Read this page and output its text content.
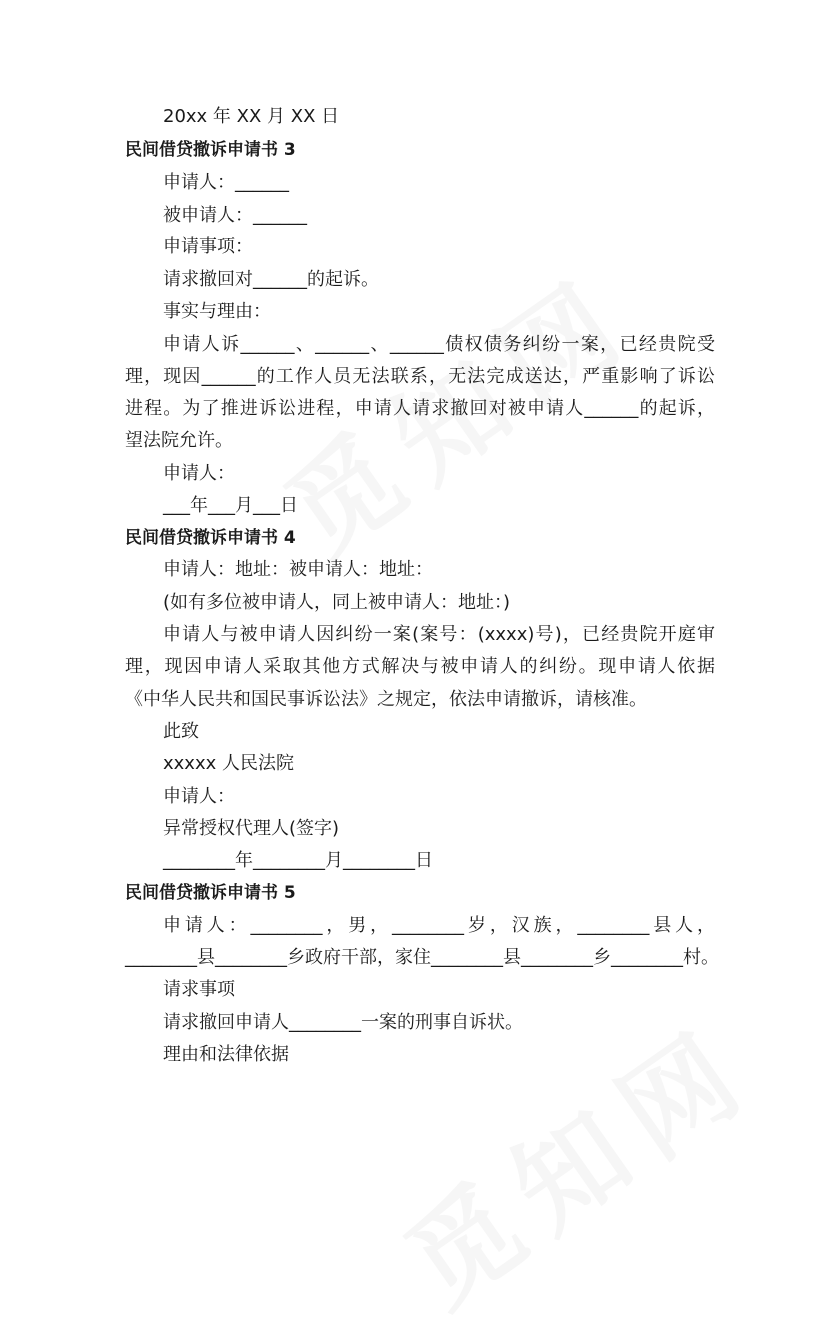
20xx 年 XX 月 XX 日
民间借贷撤诉申请书 3
申请人：______
被申请人：______
申请事项：
请求撤回对______的起诉。
事实与理由：
申请人诉______、______、______债权债务纠纷一案，已经贵院受
理，现因______的工作人员无法联系，无法完成送达，严重影响了诉讼
进程。为了推进诉讼进程，申请人请求撤回对被申请人______的起诉，
望法院允许。
申请人：
___年___月___日
民间借贷撤诉申请书 4
申请人：地址：被申请人：地址：
(如有多位被申请人，同上被申请人：地址：)
申请人与被申请人因纠纷一案(案号：(xxxx)号)，已经贵院开庭审
理，现因申请人采取其他方式解决与被申请人的纠纷。现申请人依据
《中华人民共和国民事诉讼法》之规定，依法申请撤诉，请核准。
此致
xxxxx 人民法院
申请人：
异常授权代理人(签字)
________年________月________日
民间借贷撤诉申请书 5
申请人：________，男，________岁，汉族，________县人，
________县________乡政府干部，家住________县________乡________村。
请求事项
请求撤回申请人________一案的刑事自诉状。
理由和法律依据
